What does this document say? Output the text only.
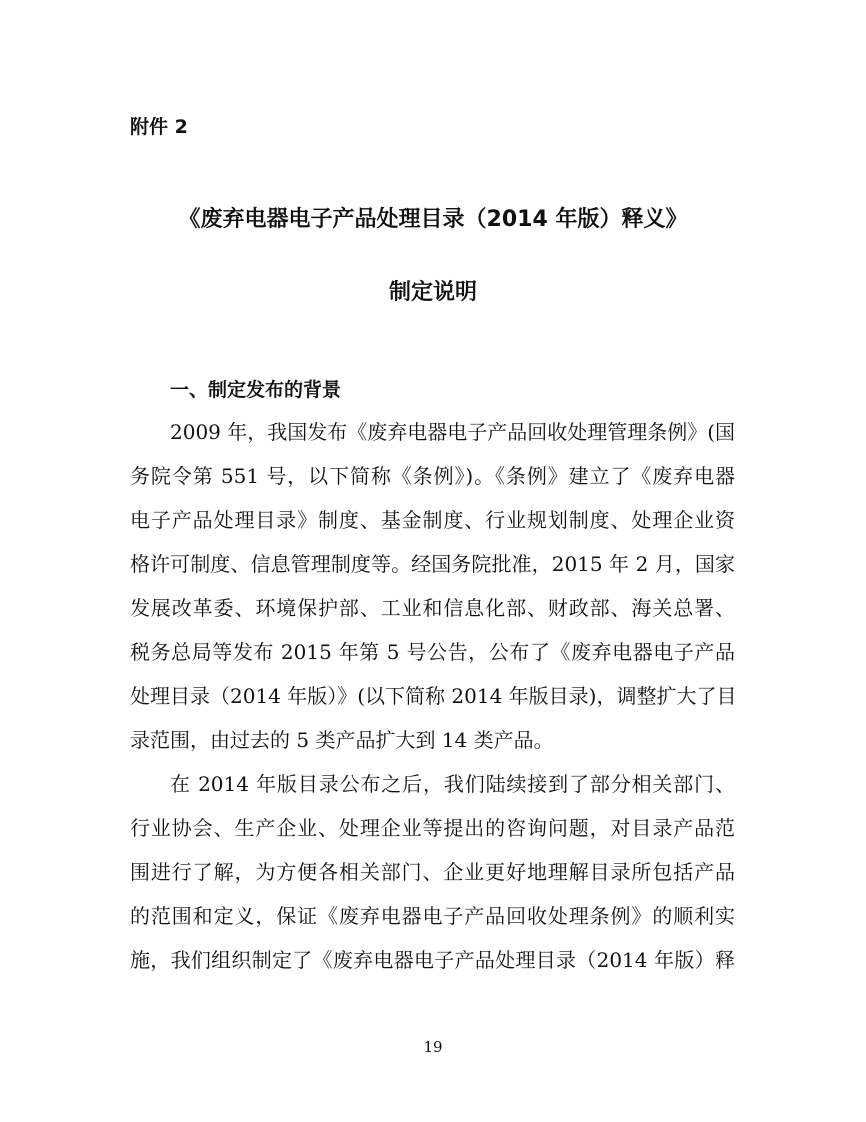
附件 2
《废弃电器电子产品处理目录（2014 年版）释义》
制定说明
一、制定发布的背景
2009 年，我国发布《废弃电器电子产品回收处理管理条例》(国
务院令第 551 号，以下简称《条例》)。《条例》建立了《废弃电器
电子产品处理目录》制度、基金制度、行业规划制度、处理企业资
格许可制度、信息管理制度等。经国务院批准，2015 年 2 月，国家
发展改革委、环境保护部、工业和信息化部、财政部、海关总署、
税务总局等发布 2015 年第 5 号公告，公布了《废弃电器电子产品
处理目录（2014 年版）》(以下简称 2014 年版目录)，调整扩大了目
录范围，由过去的 5 类产品扩大到 14 类产品。
在 2014 年版目录公布之后，我们陆续接到了部分相关部门、
行业协会、生产企业、处理企业等提出的咨询问题，对目录产品范
围进行了解，为方便各相关部门、企业更好地理解目录所包括产品
的范围和定义，保证《废弃电器电子产品回收处理条例》的顺利实
施，我们组织制定了《废弃电器电子产品处理目录（2014 年版）释
19
